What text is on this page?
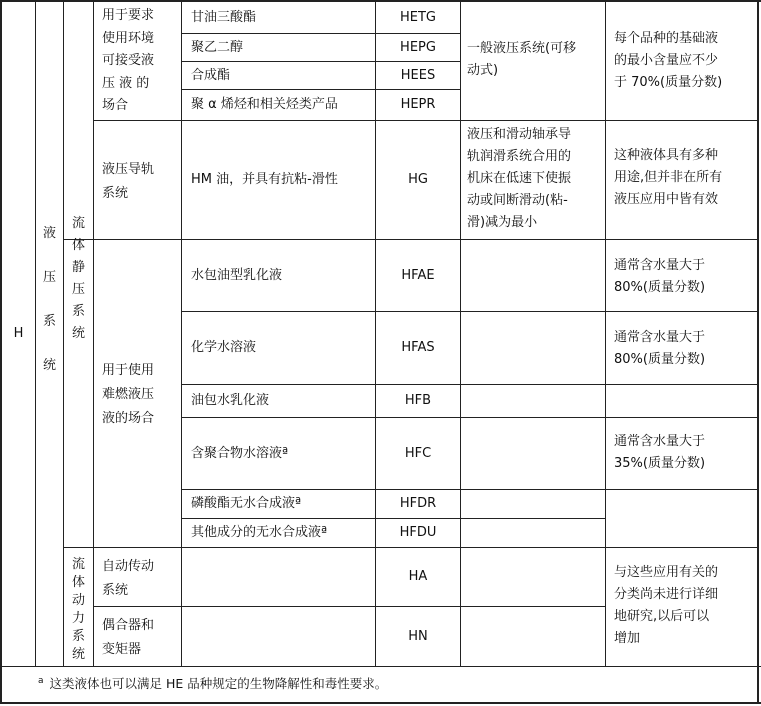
H
液
压
系
统
流
体
静
压
系
统
流
体
动
力
系
统
用于要求
使用环境
可接受液
压 液 的
场合
液压导轨
系统
用于使用
难燃液压
液的场合
自动传动
系统
偶合器和
变矩器
甘油三酸酯
聚乙二醇
合成酯
聚 α 烯烃和相关烃类产品
HM 油，并具有抗粘-滑性
水包油型乳化液
化学水溶液
油包水乳化液
含聚合物水溶液ª
磷酸酯无水合成液ª
其他成分的无水合成液ª
HETG
HEPG
HEES
HEPR
HG
HFAE
HFAS
HFB
HFC
HFDR
HFDU
HA
HN
一般液压系统(可移
动式)
液压和滑动轴承导
轨润滑系统合用的
机床在低速下使振
动或间断滑动(粘-
滑)减为最小
每个品种的基础液
的最小含量应不少
于 70%(质量分数)
这种液体具有多种
用途,但并非在所有
液压应用中皆有效
通常含水量大于
80%(质量分数)
通常含水量大于
80%(质量分数)
通常含水量大于
35%(质量分数)
与这些应用有关的
分类尚未进行详细
地研究,以后可以
增加
$^a$ 这类液体也可以满足 HE 品种规定的生物降解性和毒性要求。
